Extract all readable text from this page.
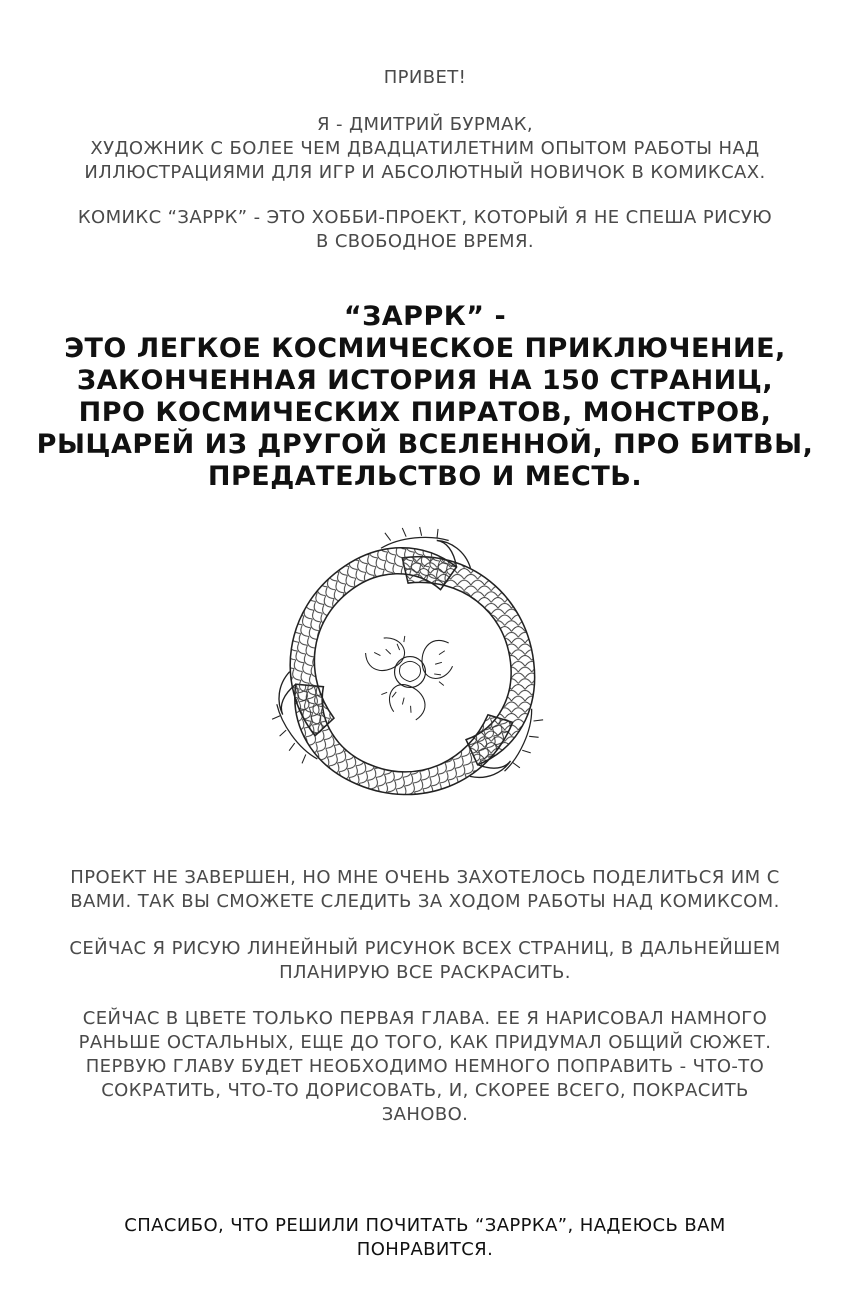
ПРИВЕТ!
Я - ДМИТРИЙ БУРМАК,
ХУДОЖНИК С БОЛЕЕ ЧЕМ ДВАДЦАТИЛЕТНИМ ОПЫТОМ РАБОТЫ НАД
ИЛЛЮСТРАЦИЯМИ ДЛЯ ИГР И АБСОЛЮТНЫЙ НОВИЧОК В КОМИКСАХ.
КОМИКС “ЗАРРК” - ЭТО ХОББИ-ПРОЕКТ, КОТОРЫЙ Я НЕ СПЕША РИСУЮ
В СВОБОДНОЕ ВРЕМЯ.
“ЗАРРК” -
ЭТО ЛЕГКОЕ КОСМИЧЕСКОЕ ПРИКЛЮЧЕНИЕ,
ЗАКОНЧЕННАЯ ИСТОРИЯ НА 150 СТРАНИЦ,
ПРО КОСМИЧЕСКИХ ПИРАТОВ, МОНСТРОВ,
РЫЦАРЕЙ ИЗ ДРУГОЙ ВСЕЛЕННОЙ, ПРО БИТВЫ,
ПРЕДАТЕЛЬСТВО И МЕСТЬ.
ПРОЕКТ НЕ ЗАВЕРШЕН, НО МНЕ ОЧЕНЬ ЗАХОТЕЛОСЬ ПОДЕЛИТЬСЯ ИМ С
ВАМИ. ТАК ВЫ СМОЖЕТЕ СЛЕДИТЬ ЗА ХОДОМ РАБОТЫ НАД КОМИКСОМ.
СЕЙЧАС Я РИСУЮ ЛИНЕЙНЫЙ РИСУНОК ВСЕХ СТРАНИЦ, В ДАЛЬНЕЙШЕМ
ПЛАНИРУЮ ВСЕ РАСКРАСИТЬ.
СЕЙЧАС В ЦВЕТЕ ТОЛЬКО ПЕРВАЯ ГЛАВА. ЕЕ Я НАРИСОВАЛ НАМНОГО
РАНЬШЕ ОСТАЛЬНЫХ, ЕЩЕ ДО ТОГО, КАК ПРИДУМАЛ ОБЩИЙ СЮЖЕТ.
ПЕРВУЮ ГЛАВУ БУДЕТ НЕОБХОДИМО НЕМНОГО ПОПРАВИТЬ - ЧТО-ТО
СОКРАТИТЬ, ЧТО-ТО ДОРИСОВАТЬ, И, СКОРЕЕ ВСЕГО, ПОКРАСИТЬ
ЗАНОВО.
СПАСИБО, ЧТО РЕШИЛИ ПОЧИТАТЬ “ЗАРРКА”, НАДЕЮСЬ ВАМ
ПОНРАВИТСЯ.
